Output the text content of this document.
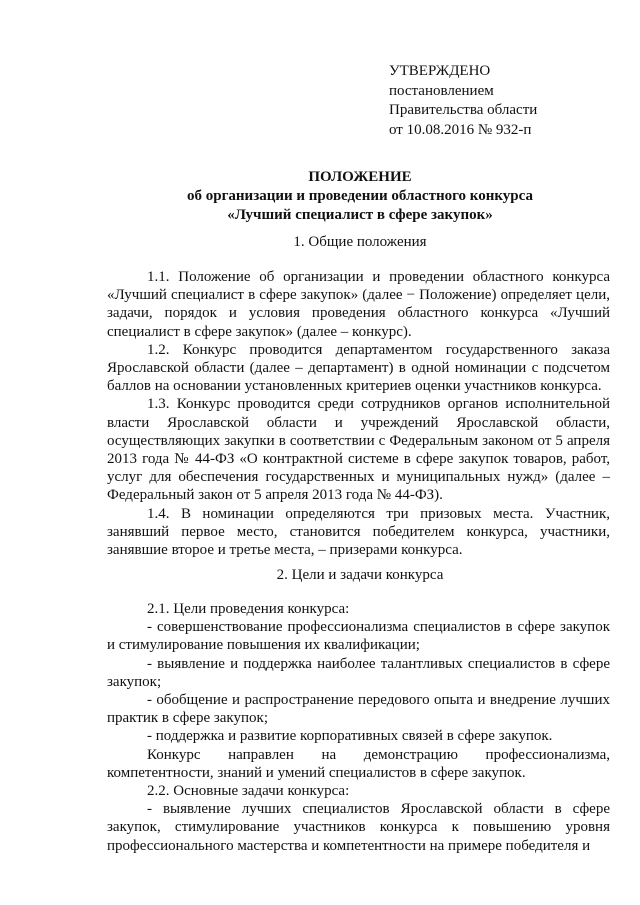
УТВЕРЖДЕНО
постановлением
Правительства области
от 10.08.2016 № 932-п
ПОЛОЖЕНИЕ
об организации и проведении областного конкурса
«Лучший специалист в сфере закупок»
1. Общие положения

1.1. Положение об организации и проведении областного конкурса «Лучший специалист в сфере закупок» (далее − Положение) определяет цели, задачи, порядок и условия проведения областного конкурса «Лучший специалист в сфере закупок» (далее – конкурс).

1.2. Конкурс проводится департаментом государственного заказа Ярославской области (далее – департамент) в одной номинации с подсчетом баллов на основании установленных критериев оценки участников конкурса.

1.3. Конкурс проводится среди сотрудников органов исполнительной власти Ярославской области и учреждений Ярославской области, осуществляющих закупки в соответствии с Федеральным законом от 5 апреля 2013 года № 44-ФЗ «О контрактной системе в сфере закупок товаров, работ, услуг для обеспечения государственных и муниципальных нужд» (далее – Федеральный закон от 5 апреля 2013 года № 44-ФЗ).

1.4. В номинации определяются три призовых места. Участник, занявший первое место, становится победителем конкурса, участники, занявшие второе и третье места, – призерами конкурса.

2. Цели и задачи конкурса

2.1. Цели проведения конкурса:

- совершенствование профессионализма специалистов в сфере закупок и стимулирование повышения их квалификации;

- выявление и поддержка наиболее талантливых специалистов в сфере закупок;

- обобщение и распространение передового опыта и внедрение лучших практик в сфере закупок;

- поддержка и развитие корпоративных связей в сфере закупок.

Конкурс направлен на демонстрацию профессионализма, компетентности, знаний и умений специалистов в сфере закупок.

2.2. Основные задачи конкурса:

- выявление лучших специалистов Ярославской области в сфере закупок, стимулирование участников конкурса к повышению уровня профессионального мастерства и компетентности на примере победителя и
